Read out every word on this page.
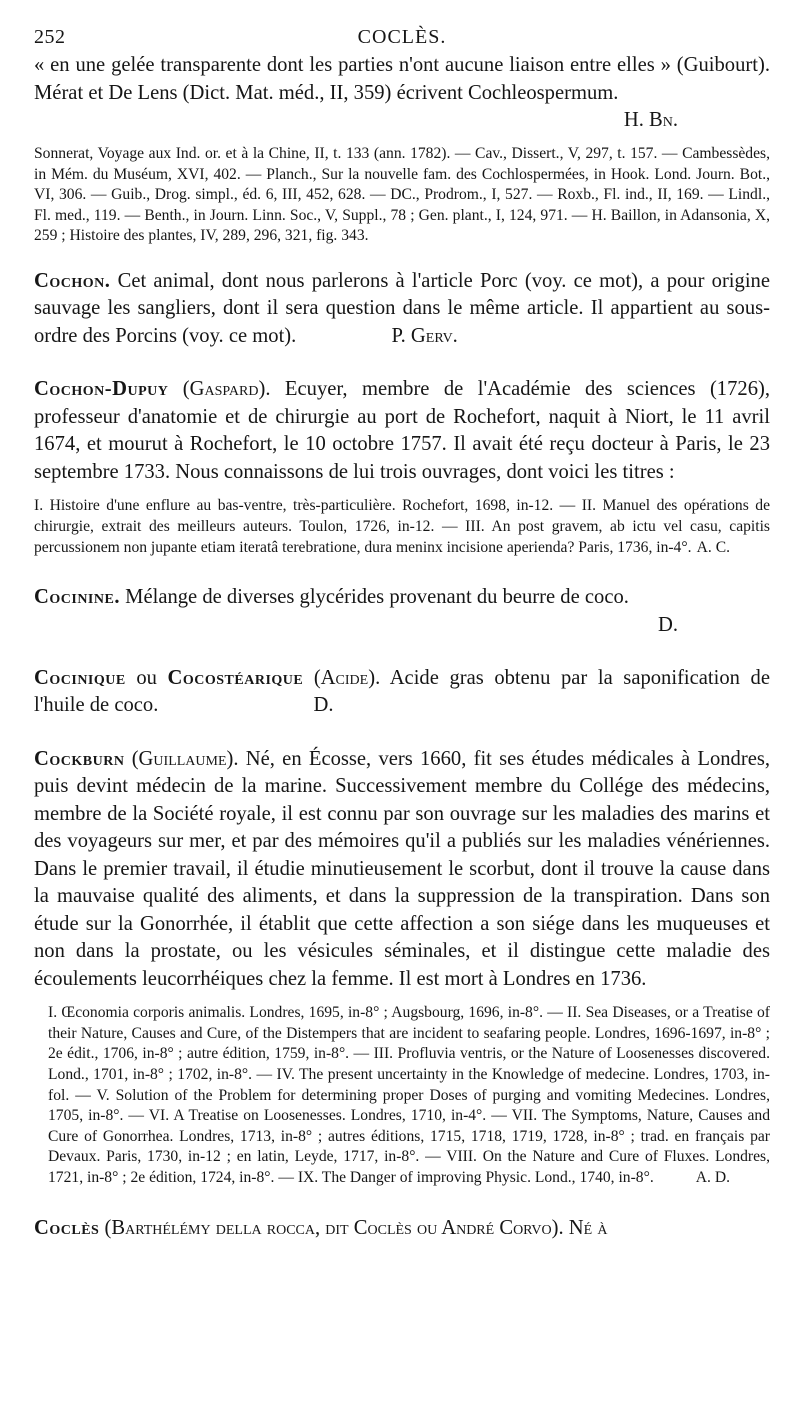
252	COCLÈS.

« en une gelée transparente dont les parties n'ont aucune liaison entre elles » (Guibourt). Mérat et De Lens (Dict. Mat. méd., II, 359) écrivent Cochleospermum.

H. Bn.

Sonnerat, Voyage aux Ind. or. et à la Chine, II, t. 133 (ann. 1782). — Cav., Dissert., V, 297, t. 157. — Cambessèdes, in Mém. du Muséum, XVI, 402. — Planch., Sur la nouvelle fam. des Cochlospermées, in Hook. Lond. Journ. Bot., VI, 306. — Guib., Drog. simpl., éd. 6, III, 452, 628. — DC., Prodrom., I, 527. — Roxb., Fl. ind., II, 169. — Lindl., Fl. med., 119. — Benth., in Journ. Linn. Soc., V, Suppl., 78 ; Gen. plant., I, 124, 971. — H. Baillon, in Adansonia, X, 259 ; Histoire des plantes, IV, 289, 296, 321, fig. 343.

Cochon. Cet animal, dont nous parlerons à l'article Porc (voy. ce mot), a pour origine sauvage les sangliers, dont il sera question dans le même article. Il appartient au sous-ordre des Porcins (voy. ce mot).	P. Gerv.

Cochon-Dupuy (Gaspard). Ecuyer, membre de l'Académie des sciences (1726), professeur d'anatomie et de chirurgie au port de Rochefort, naquit à Niort, le 11 avril 1674, et mourut à Rochefort, le 10 octobre 1757. Il avait été reçu docteur à Paris, le 23 septembre 1733. Nous connaissons de lui trois ouvrages, dont voici les titres :

I. Histoire d'une enflure au bas-ventre, très-particulière. Rochefort, 1698, in-12. — II. Manuel des opérations de chirurgie, extrait des meilleurs auteurs. Toulon, 1726, in-12. — III. An post gravem, ab ictu vel casu, capitis percussionem non jupante etiam iteratâ terebratione, dura meninx incisione aperienda? Paris, 1736, in-4°. A. C.

Cocinine. Mélange de diverses glycérides provenant du beurre de coco.

D.

Cocinique ou Cocostéarique (Acide). Acide gras obtenu par la saponification de l'huile de coco.	D.

Cockburn (Guillaume). Né, en Écosse, vers 1660, fit ses études médicales à Londres, puis devint médecin de la marine. Successivement membre du Collége des médecins, membre de la Société royale, il est connu par son ouvrage sur les maladies des marins et des voyageurs sur mer, et par des mémoires qu'il a publiés sur les maladies vénériennes. Dans le premier travail, il étudie minutieusement le scorbut, dont il trouve la cause dans la mauvaise qualité des aliments, et dans la suppression de la transpiration. Dans son étude sur la Gonorrhée, il établit que cette affection a son siége dans les muqueuses et non dans la prostate, ou les vésicules séminales, et il distingue cette maladie des écoulements leucorrhéiques chez la femme. Il est mort à Londres en 1736.

I. Œconomia corporis animalis. Londres, 1695, in-8° ; Augsbourg, 1696, in-8°. — II. Sea Diseases, or a Treatise of their Nature, Causes and Cure, of the Distempers that are incident to seafaring people. Londres, 1696-1697, in-8° ; 2e édit., 1706, in-8° ; autre édition, 1759, in-8°. — III. Profluvia ventris, or the Nature of Loosenesses discovered. Lond., 1701, in-8° ; 1702, in-8°. — IV. The present uncertainty in the Knowledge of medecine. Londres, 1703, in-fol. — V. Solution of the Problem for determining proper Doses of purging and vomiting Medecines. Londres, 1705, in-8°. — VI. A Treatise on Loosenesses. Londres, 1710, in-4°. — VII. The Symptoms, Nature, Causes and Cure of Gonorrhea. Londres, 1713, in-8° ; autres éditions, 1715, 1718, 1719, 1728, in-8° ; trad. en français par Devaux. Paris, 1730, in-12 ; en latin, Leyde, 1717, in-8°. — VIII. On the Nature and Cure of Fluxes. Londres, 1721, in-8° ; 2e édition, 1724, in-8°. — IX. The Danger of improving Physic. Lond., 1740, in-8°.	A. D.

Coclès (Barthélémy della rocca, dit Coclès ou André Corvo). Né à
